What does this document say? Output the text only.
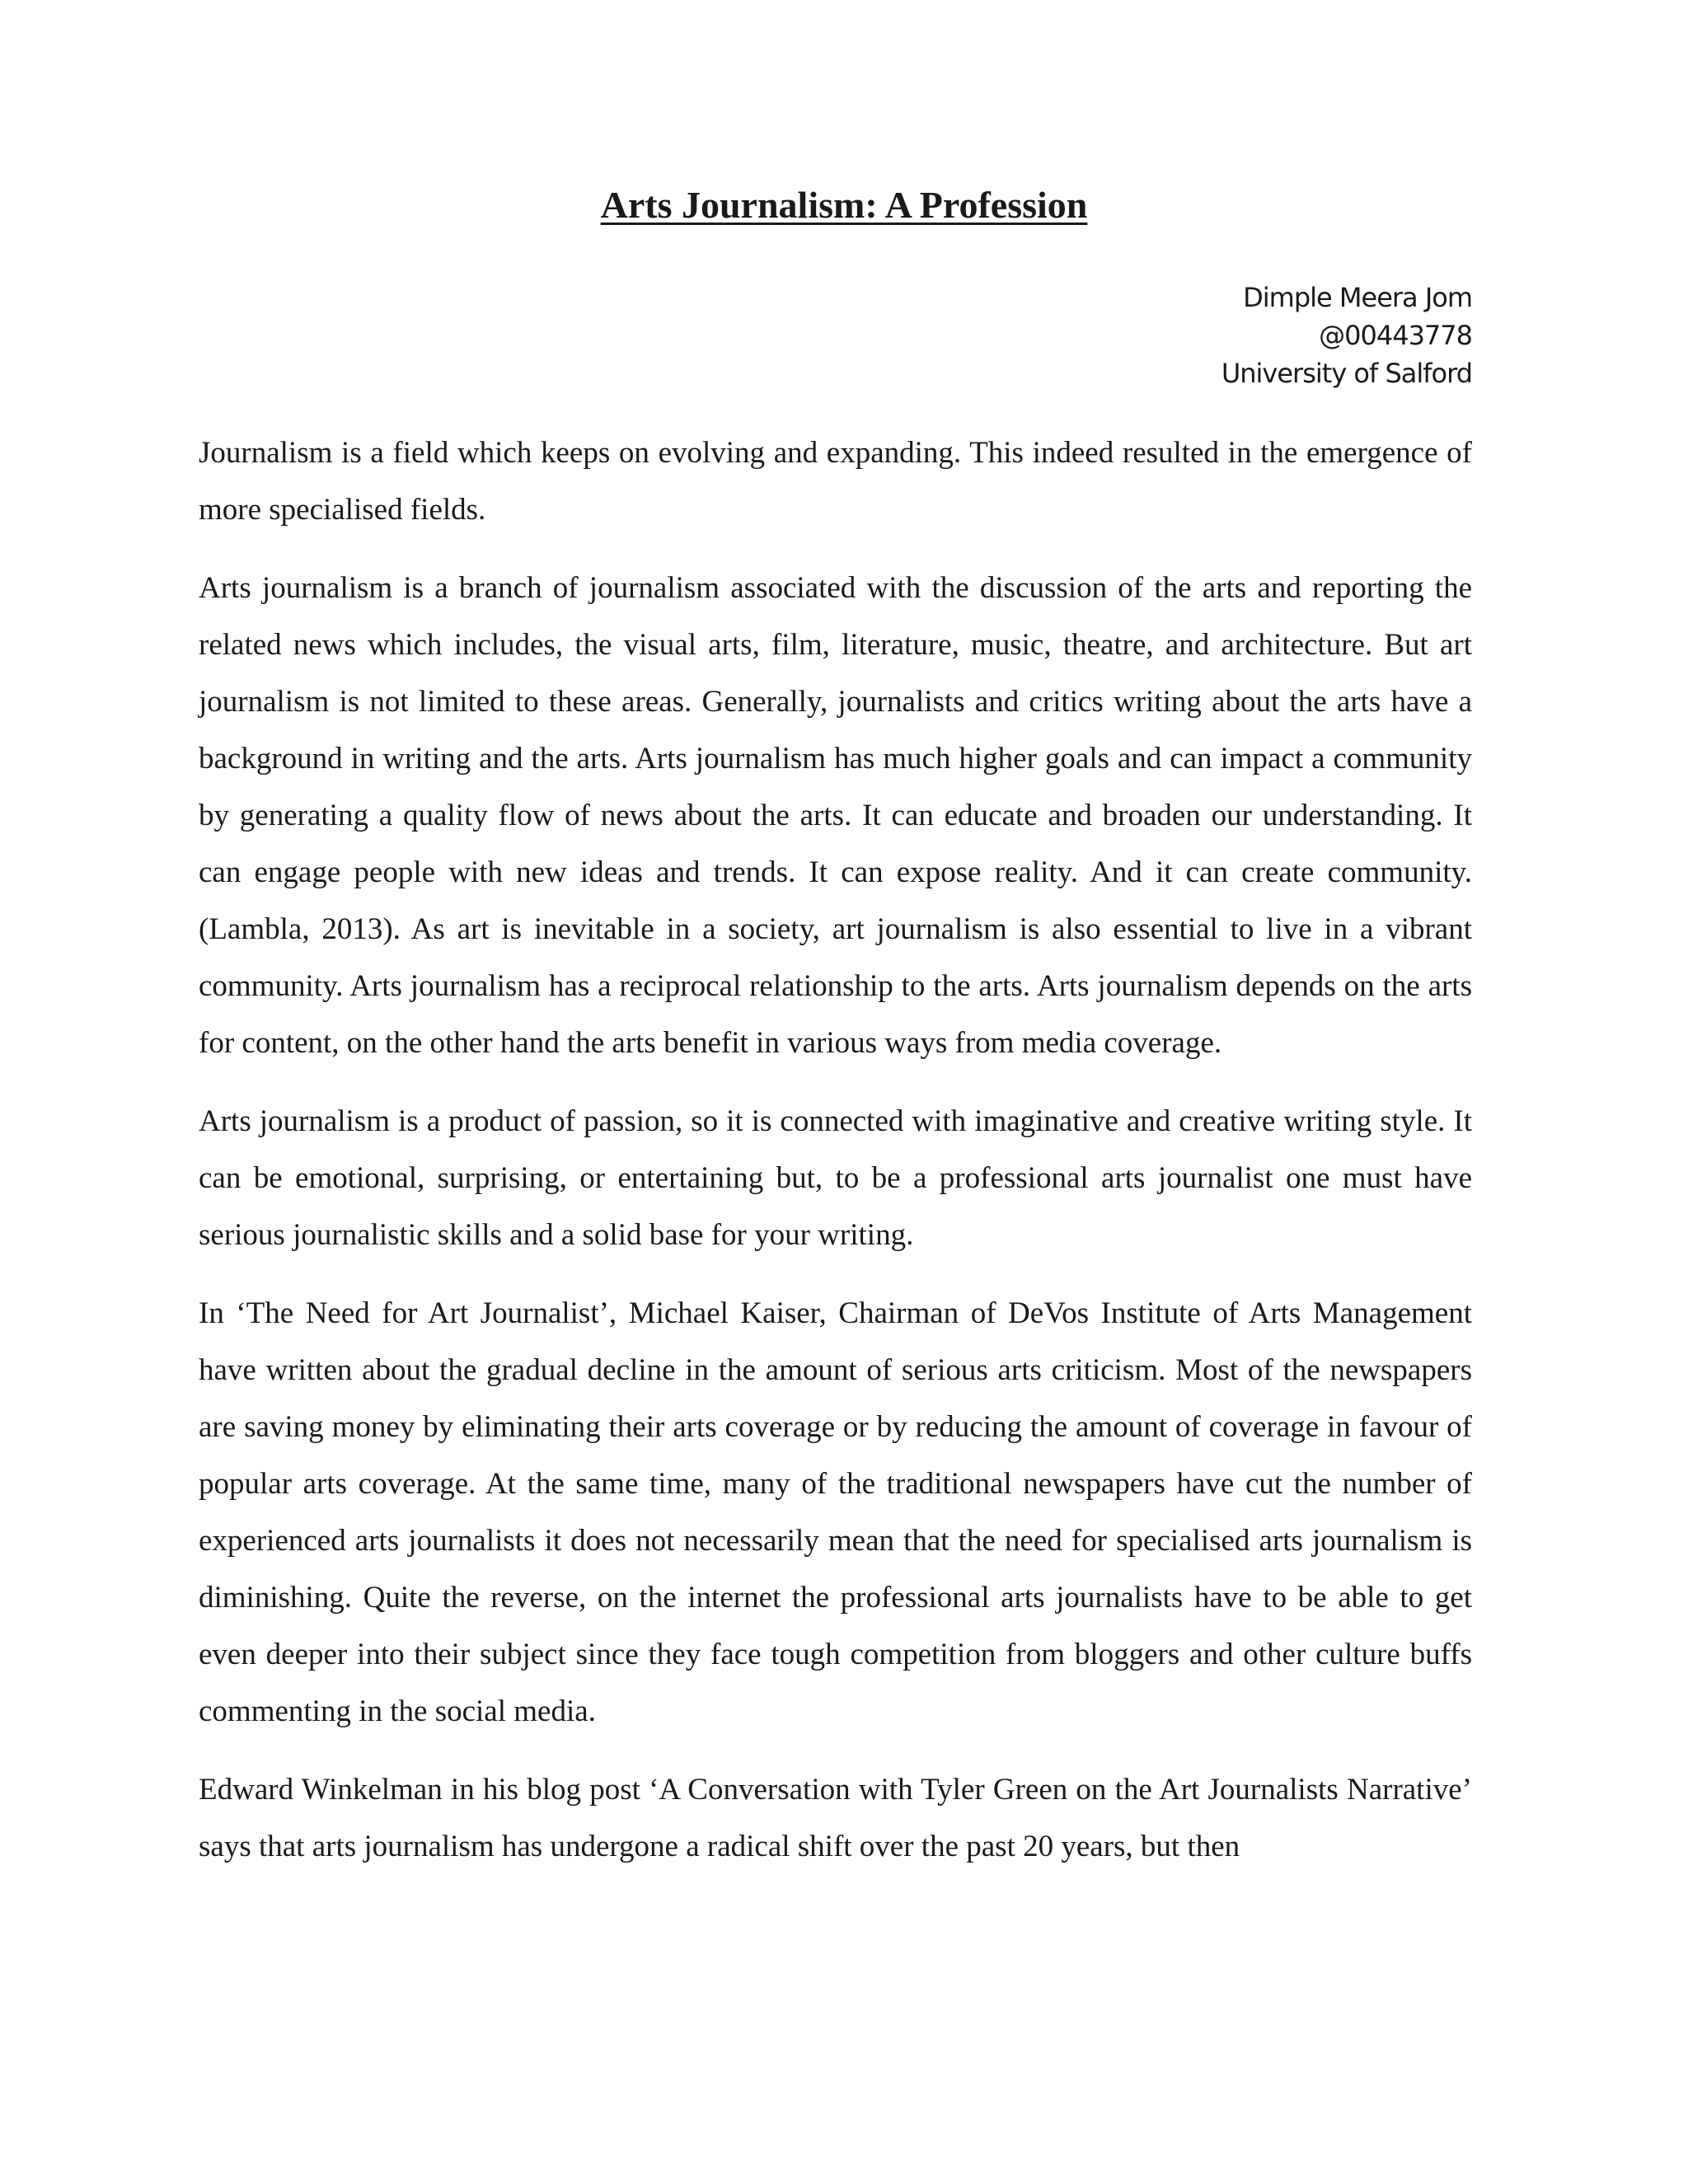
Arts Journalism: A Profession
Dimple Meera Jom
@00443778
University of Salford

Journalism is a field which keeps on evolving and expanding. This indeed resulted in the emergence of more specialised fields.

Arts journalism is a branch of journalism associated with the discussion of the arts and reporting the related news which includes, the visual arts, film, literature, music, theatre, and architecture. But art journalism is not limited to these areas. Generally, journalists and critics writing about the arts have a background in writing and the arts. Arts journalism has much higher goals and can impact a community by generating a quality flow of news about the arts. It can educate and broaden our understanding. It can engage people with new ideas and trends. It can expose reality. And it can create community. (Lambla, 2013). As art is inevitable in a society, art journalism is also essential to live in a vibrant community. Arts journalism has a reciprocal relationship to the arts. Arts journalism depends on the arts for content, on the other hand the arts benefit in various ways from media coverage.

Arts journalism is a product of passion, so it is connected with imaginative and creative writing style. It can be emotional, surprising, or entertaining but, to be a professional arts journalist one must have serious journalistic skills and a solid base for your writing.

In ‘The Need for Art Journalist’, Michael Kaiser, Chairman of DeVos Institute of Arts Management have written about the gradual decline in the amount of serious arts criticism. Most of the newspapers are saving money by eliminating their arts coverage or by reducing the amount of coverage in favour of popular arts coverage. At the same time, many of the traditional newspapers have cut the number of experienced arts journalists it does not necessarily mean that the need for specialised arts journalism is diminishing. Quite the reverse, on the internet the professional arts journalists have to be able to get even deeper into their subject since they face tough competition from bloggers and other culture buffs commenting in the social media.

Edward Winkelman in his blog post ‘A Conversation with Tyler Green on the Art Journalists Narrative’ says that arts journalism has undergone a radical shift over the past 20 years, but then
